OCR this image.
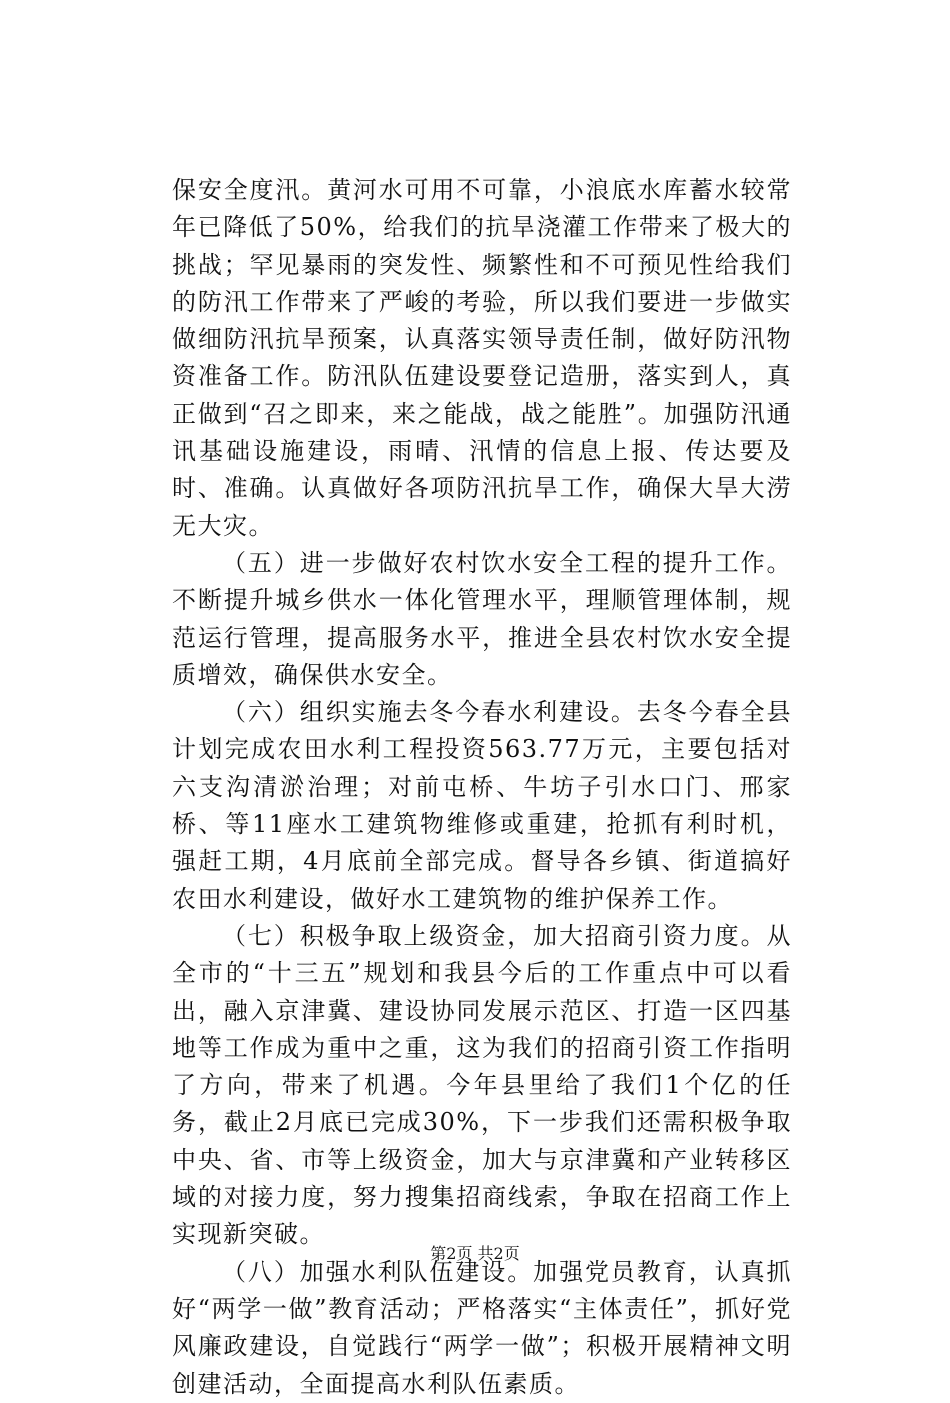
保安全度汛。黄河水可用不可靠，小浪底水库蓄水较常年已降低了50%，给我们的抗旱浇灌工作带来了极大的挑战；罕见暴雨的突发性、频繁性和不可预见性给我们的防汛工作带来了严峻的考验，所以我们要进一步做实做细防汛抗旱预案，认真落实领导责任制，做好防汛物资准备工作。防汛队伍建设要登记造册，落实到人，真正做到“召之即来，来之能战，战之能胜”。加强防汛通讯基础设施建设，雨晴、汛情的信息上报、传达要及时、准确。认真做好各项防汛抗旱工作，确保大旱大涝无大灾。

（五）进一步做好农村饮水安全工程的提升工作。不断提升城乡供水一体化管理水平，理顺管理体制，规范运行管理，提高服务水平，推进全县农村饮水安全提质增效，确保供水安全。

（六）组织实施去冬今春水利建设。去冬今春全县计划完成农田水利工程投资563.77万元，主要包括对六支沟清淤治理；对前屯桥、牛坊子引水口门、邢家桥、等11座水工建筑物维修或重建，抢抓有利时机，强赶工期，4月底前全部完成。督导各乡镇、街道搞好农田水利建设，做好水工建筑物的维护保养工作。

（七）积极争取上级资金，加大招商引资力度。从全市的“十三五”规划和我县今后的工作重点中可以看出，融入京津冀、建设协同发展示范区、打造一区四基地等工作成为重中之重，这为我们的招商引资工作指明了方向，带来了机遇。今年县里给了我们1个亿的任务，截止2月底已完成30%，下一步我们还需积极争取中央、省、市等上级资金，加大与京津冀和产业转移区域的对接力度，努力搜集招商线索，争取在招商工作上实现新突破。

（八）加强水利队伍建设。加强党员教育，认真抓好“两学一做”教育活动；严格落实“主体责任”，抓好党风廉政建设，自觉践行“两学一做”；积极开展精神文明创建活动，全面提高水利队伍素质。

第2页 共2页
